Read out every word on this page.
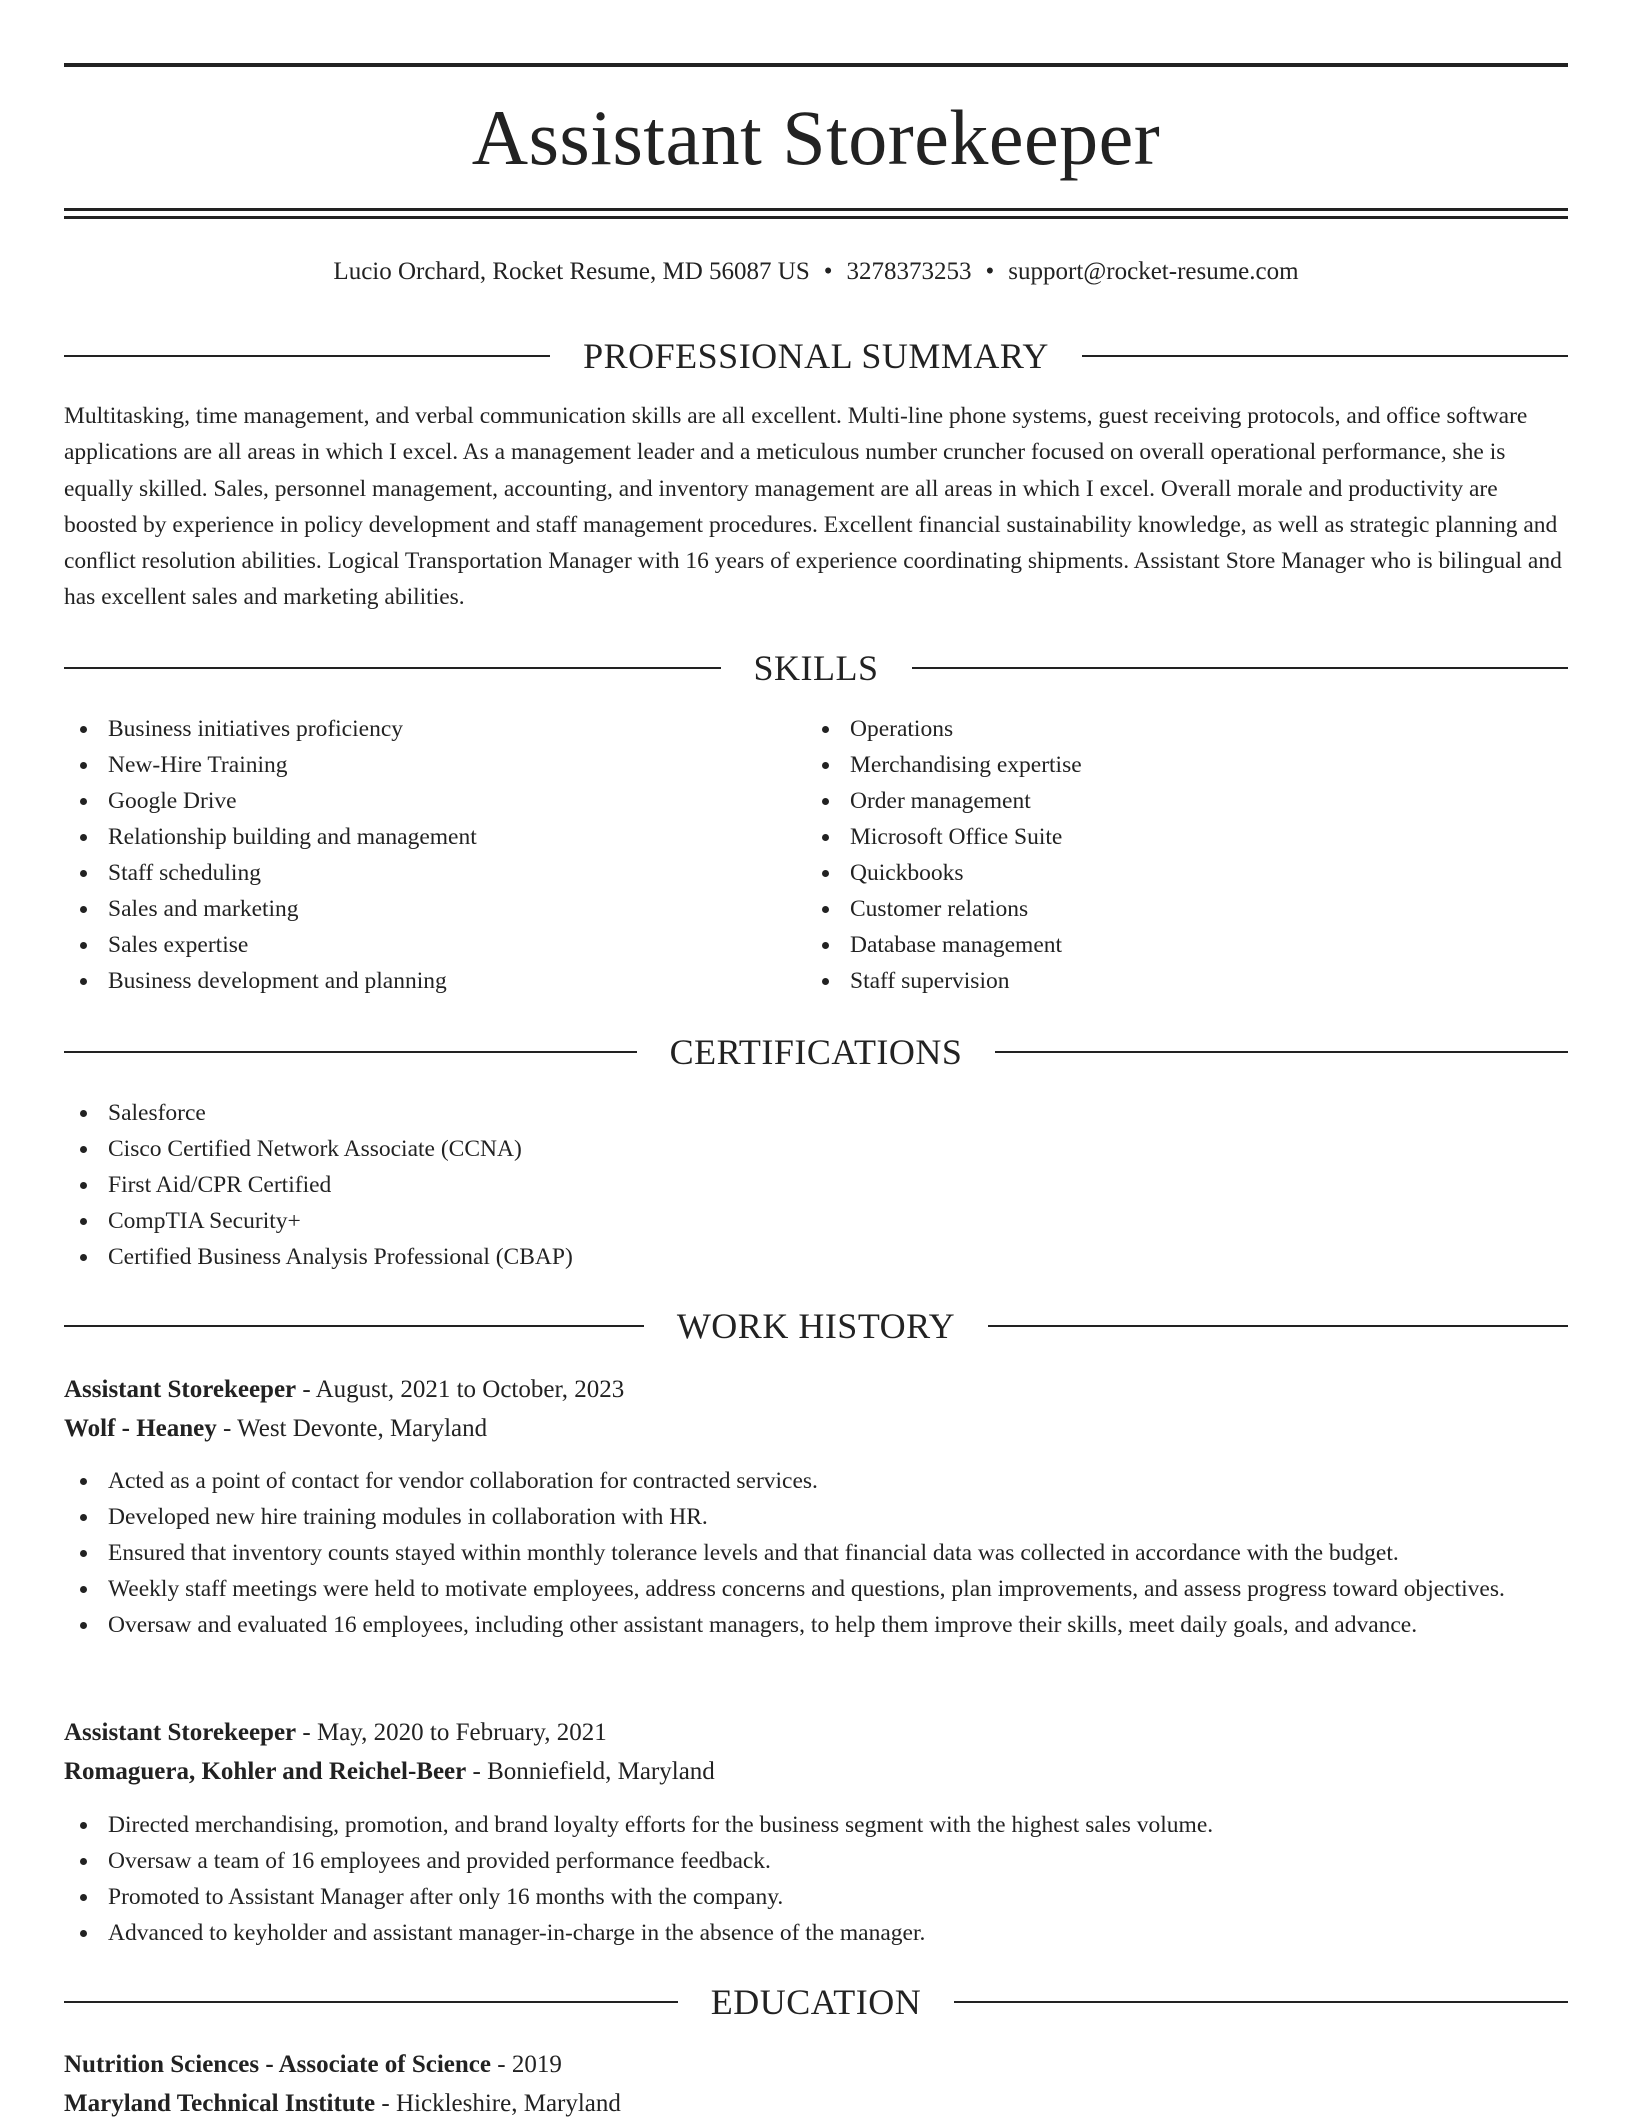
Assistant Storekeeper
Lucio Orchard, Rocket Resume, MD 56087 US • 3278373253 • support@rocket-resume.com
PROFESSIONAL SUMMARY

Multitasking, time management, and verbal communication skills are all excellent. Multi-line phone systems, guest receiving protocols, and office software applications are all areas in which I excel. As a management leader and a meticulous number cruncher focused on overall operational performance, she is equally skilled. Sales, personnel management, accounting, and inventory management are all areas in which I excel. Overall morale and productivity are boosted by experience in policy development and staff management procedures. Excellent financial sustainability knowledge, as well as strategic planning and conflict resolution abilities. Logical Transportation Manager with 16 years of experience coordinating shipments. Assistant Store Manager who is bilingual and has excellent sales and marketing abilities.

SKILLS
Business initiatives proficiency
New-Hire Training
Google Drive
Relationship building and management
Staff scheduling
Sales and marketing
Sales expertise
Business development and planning
Operations
Merchandising expertise
Order management
Microsoft Office Suite
Quickbooks
Customer relations
Database management
Staff supervision
CERTIFICATIONS
Salesforce
Cisco Certified Network Associate (CCNA)
First Aid/CPR Certified
CompTIA Security+
Certified Business Analysis Professional (CBAP)
WORK HISTORY
Assistant Storekeeper - August, 2021 to October, 2023
Wolf - Heaney - West Devonte, Maryland
Acted as a point of contact for vendor collaboration for contracted services.
Developed new hire training modules in collaboration with HR.
Ensured that inventory counts stayed within monthly tolerance levels and that financial data was collected in accordance with the budget.
Weekly staff meetings were held to motivate employees, address concerns and questions, plan improvements, and assess progress toward objectives.
Oversaw and evaluated 16 employees, including other assistant managers, to help them improve their skills, meet daily goals, and advance.
Assistant Storekeeper - May, 2020 to February, 2021
Romaguera, Kohler and Reichel-Beer - Bonniefield, Maryland
Directed merchandising, promotion, and brand loyalty efforts for the business segment with the highest sales volume.
Oversaw a team of 16 employees and provided performance feedback.
Promoted to Assistant Manager after only 16 months with the company.
Advanced to keyholder and assistant manager-in-charge in the absence of the manager.
EDUCATION
Nutrition Sciences - Associate of Science - 2019
Maryland Technical Institute - Hickleshire, Maryland
